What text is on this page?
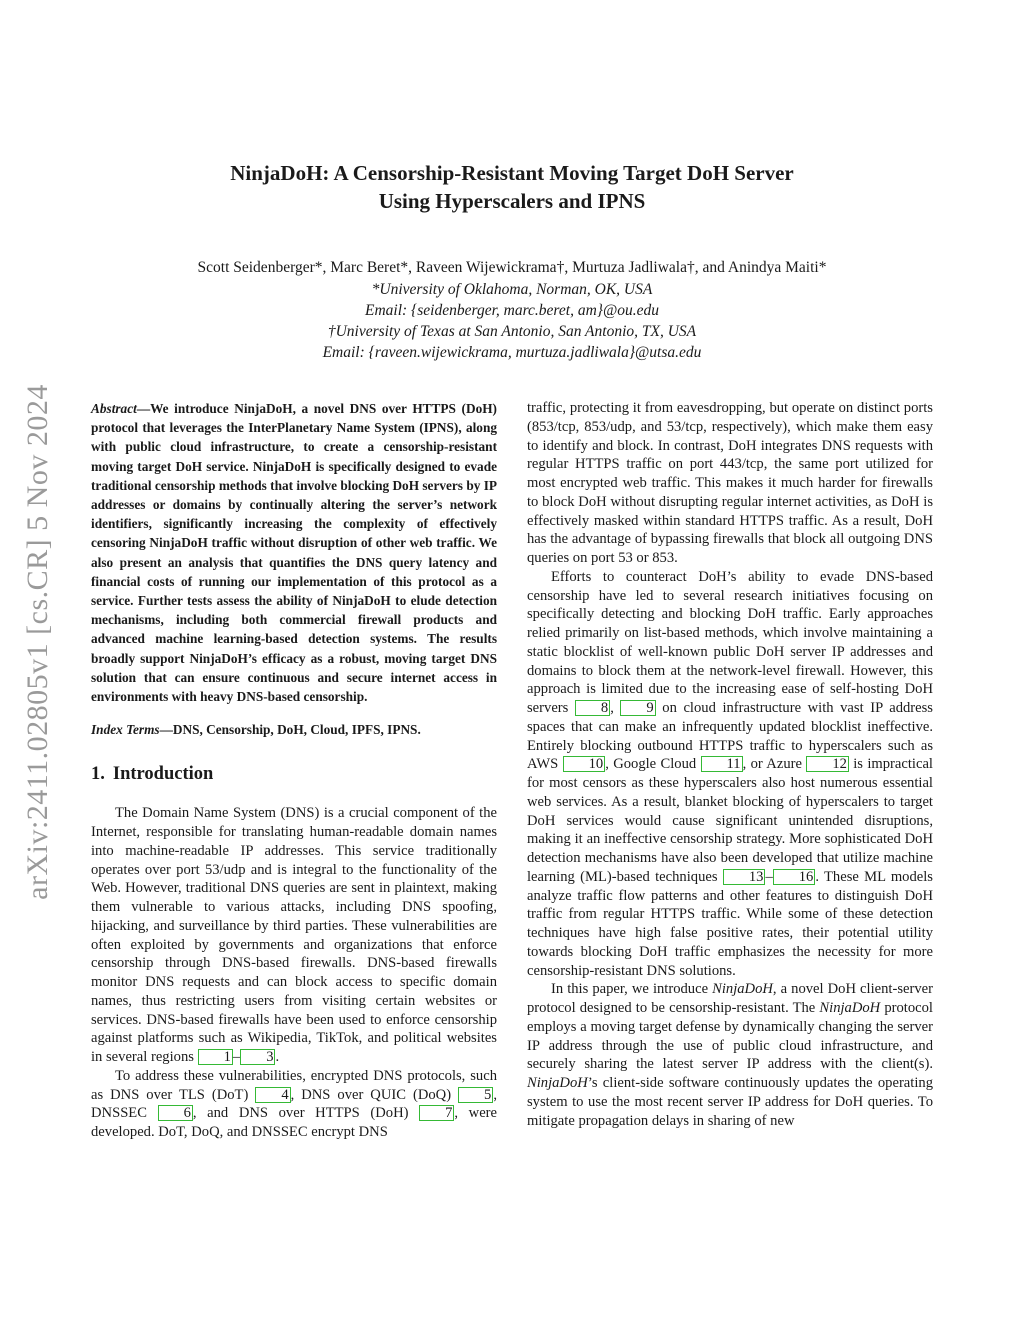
arXiv:2411.02805v1 [cs.CR] 5 Nov 2024
NinjaDoH: A Censorship-Resistant Moving Target DoH Server
Using Hyperscalers and IPNS
Scott Seidenberger*, Marc Beret*, Raveen Wijewickrama†, Murtuza Jadliwala†, and Anindya Maiti*
*University of Oklahoma, Norman, OK, USA
Email: {seidenberger, marc.beret, am}@ou.edu
†University of Texas at San Antonio, San Antonio, TX, USA
Email: {raveen.wijewickrama, murtuza.jadliwala}@utsa.edu

Abstract—We introduce NinjaDoH, a novel DNS over HTTPS (DoH) protocol that leverages the InterPlanetary Name System (IPNS), along with public cloud infrastructure, to create a censorship-resistant moving target DoH service. NinjaDoH is specifically designed to evade traditional censorship methods that involve blocking DoH servers by IP addresses or domains by continually altering the server’s network identifiers, significantly increasing the complexity of effectively censoring NinjaDoH traffic without disruption of other web traffic. We also present an analysis that quantifies the DNS query latency and financial costs of running our implementation of this protocol as a service. Further tests assess the ability of NinjaDoH to elude detection mechanisms, including both commercial firewall products and advanced machine learning-based detection systems. The results broadly support NinjaDoH’s efficacy as a robust, moving target DNS solution that can ensure continuous and secure internet access in environments with heavy DNS-based censorship.

Index Terms—DNS, Censorship, DoH, Cloud, IPFS, IPNS.

1. Introduction

The Domain Name System (DNS) is a crucial component of the Internet, responsible for translating human-readable domain names into machine-readable IP addresses. This service traditionally operates over port 53/udp and is integral to the functionality of the Web. However, traditional DNS queries are sent in plaintext, making them vulnerable to various attacks, including DNS spoofing, hijacking, and surveillance by third parties. These vulnerabilities are often exploited by governments and organizations that enforce censorship through DNS-based firewalls. DNS-based firewalls monitor DNS requests and can block access to specific domain names, thus restricting users from visiting certain websites or services. DNS-based firewalls have been used to enforce censorship against platforms such as Wikipedia, TikTok, and political websites in several regions 1 – 3 .

To address these vulnerabilities, encrypted DNS protocols, such as DNS over TLS (DoT) 4 , DNS over QUIC (DoQ) 5 , DNSSEC 6 , and DNS over HTTPS (DoH) 7 , were developed. DoT, DoQ, and DNSSEC encrypt DNS

traffic, protecting it from eavesdropping, but operate on distinct ports (853/tcp, 853/udp, and 53/tcp, respectively), which make them easy to identify and block. In contrast, DoH integrates DNS requests with regular HTTPS traffic on port 443/tcp, the same port utilized for most encrypted web traffic. This makes it much harder for firewalls to block DoH without disrupting regular internet activities, as DoH is effectively masked within standard HTTPS traffic. As a result, DoH has the advantage of bypassing firewalls that block all outgoing DNS queries on port 53 or 853.

Efforts to counteract DoH’s ability to evade DNS-based censorship have led to several research initiatives focusing on specifically detecting and blocking DoH traffic. Early approaches relied primarily on list-based methods, which involve maintaining a static blocklist of well-known public DoH server IP addresses and domains to block them at the network-level firewall. However, this approach is limited due to the increasing ease of self-hosting DoH servers 8 , 9 on cloud infrastructure with vast IP address spaces that can make an infrequently updated blocklist ineffective. Entirely blocking outbound HTTPS traffic to hyperscalers such as AWS 10 , Google Cloud 11 , or Azure 12 is impractical for most censors as these hyperscalers also host numerous essential web services. As a result, blanket blocking of hyperscalers to target DoH services would cause significant unintended disruptions, making it an ineffective censorship strategy. More sophisticated DoH detection mechanisms have also been developed that utilize machine learning (ML)-based techniques 13 – 16 . These ML models analyze traffic flow patterns and other features to distinguish DoH traffic from regular HTTPS traffic. While some of these detection techniques have high false positive rates, their potential utility towards blocking DoH traffic emphasizes the necessity for more censorship-resistant DNS solutions.

In this paper, we introduce NinjaDoH, a novel DoH client-server protocol designed to be censorship-resistant. The NinjaDoH protocol employs a moving target defense by dynamically changing the server IP address through the use of public cloud infrastructure, and securely sharing the latest server IP address with the client(s). NinjaDoH’s client-side software continuously updates the operating system to use the most recent server IP address for DoH queries. To mitigate propagation delays in sharing of new
